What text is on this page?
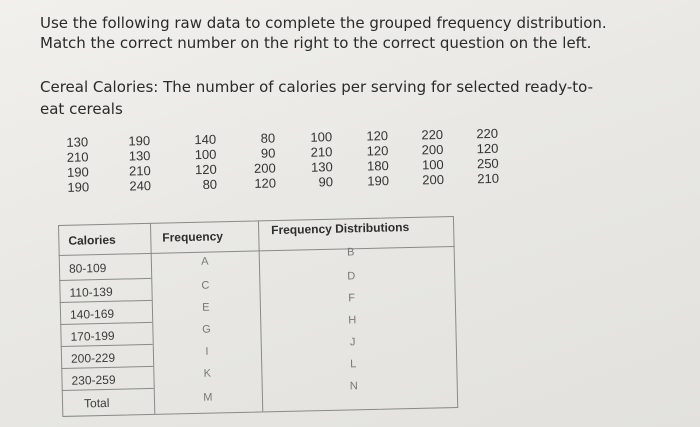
Use the following raw data to complete the grouped frequency distribution.
Match the correct number on the right to the correct question on the left.
Cereal Calories: The number of calories per serving for selected ready-to-
eat cereals
130
210
190
190
190
130
210
240
140
100
120
80
80
90
200
120
100
210
130
90
120
120
180
190
220
200
100
200
220
120
250
210
Calories	Frequency	Frequency Distributions
80-109
110-139
140-169
170-199
200-229
230-259
Total
A
C
E
G
I
K
M
B
D
F
H
J
L
N
